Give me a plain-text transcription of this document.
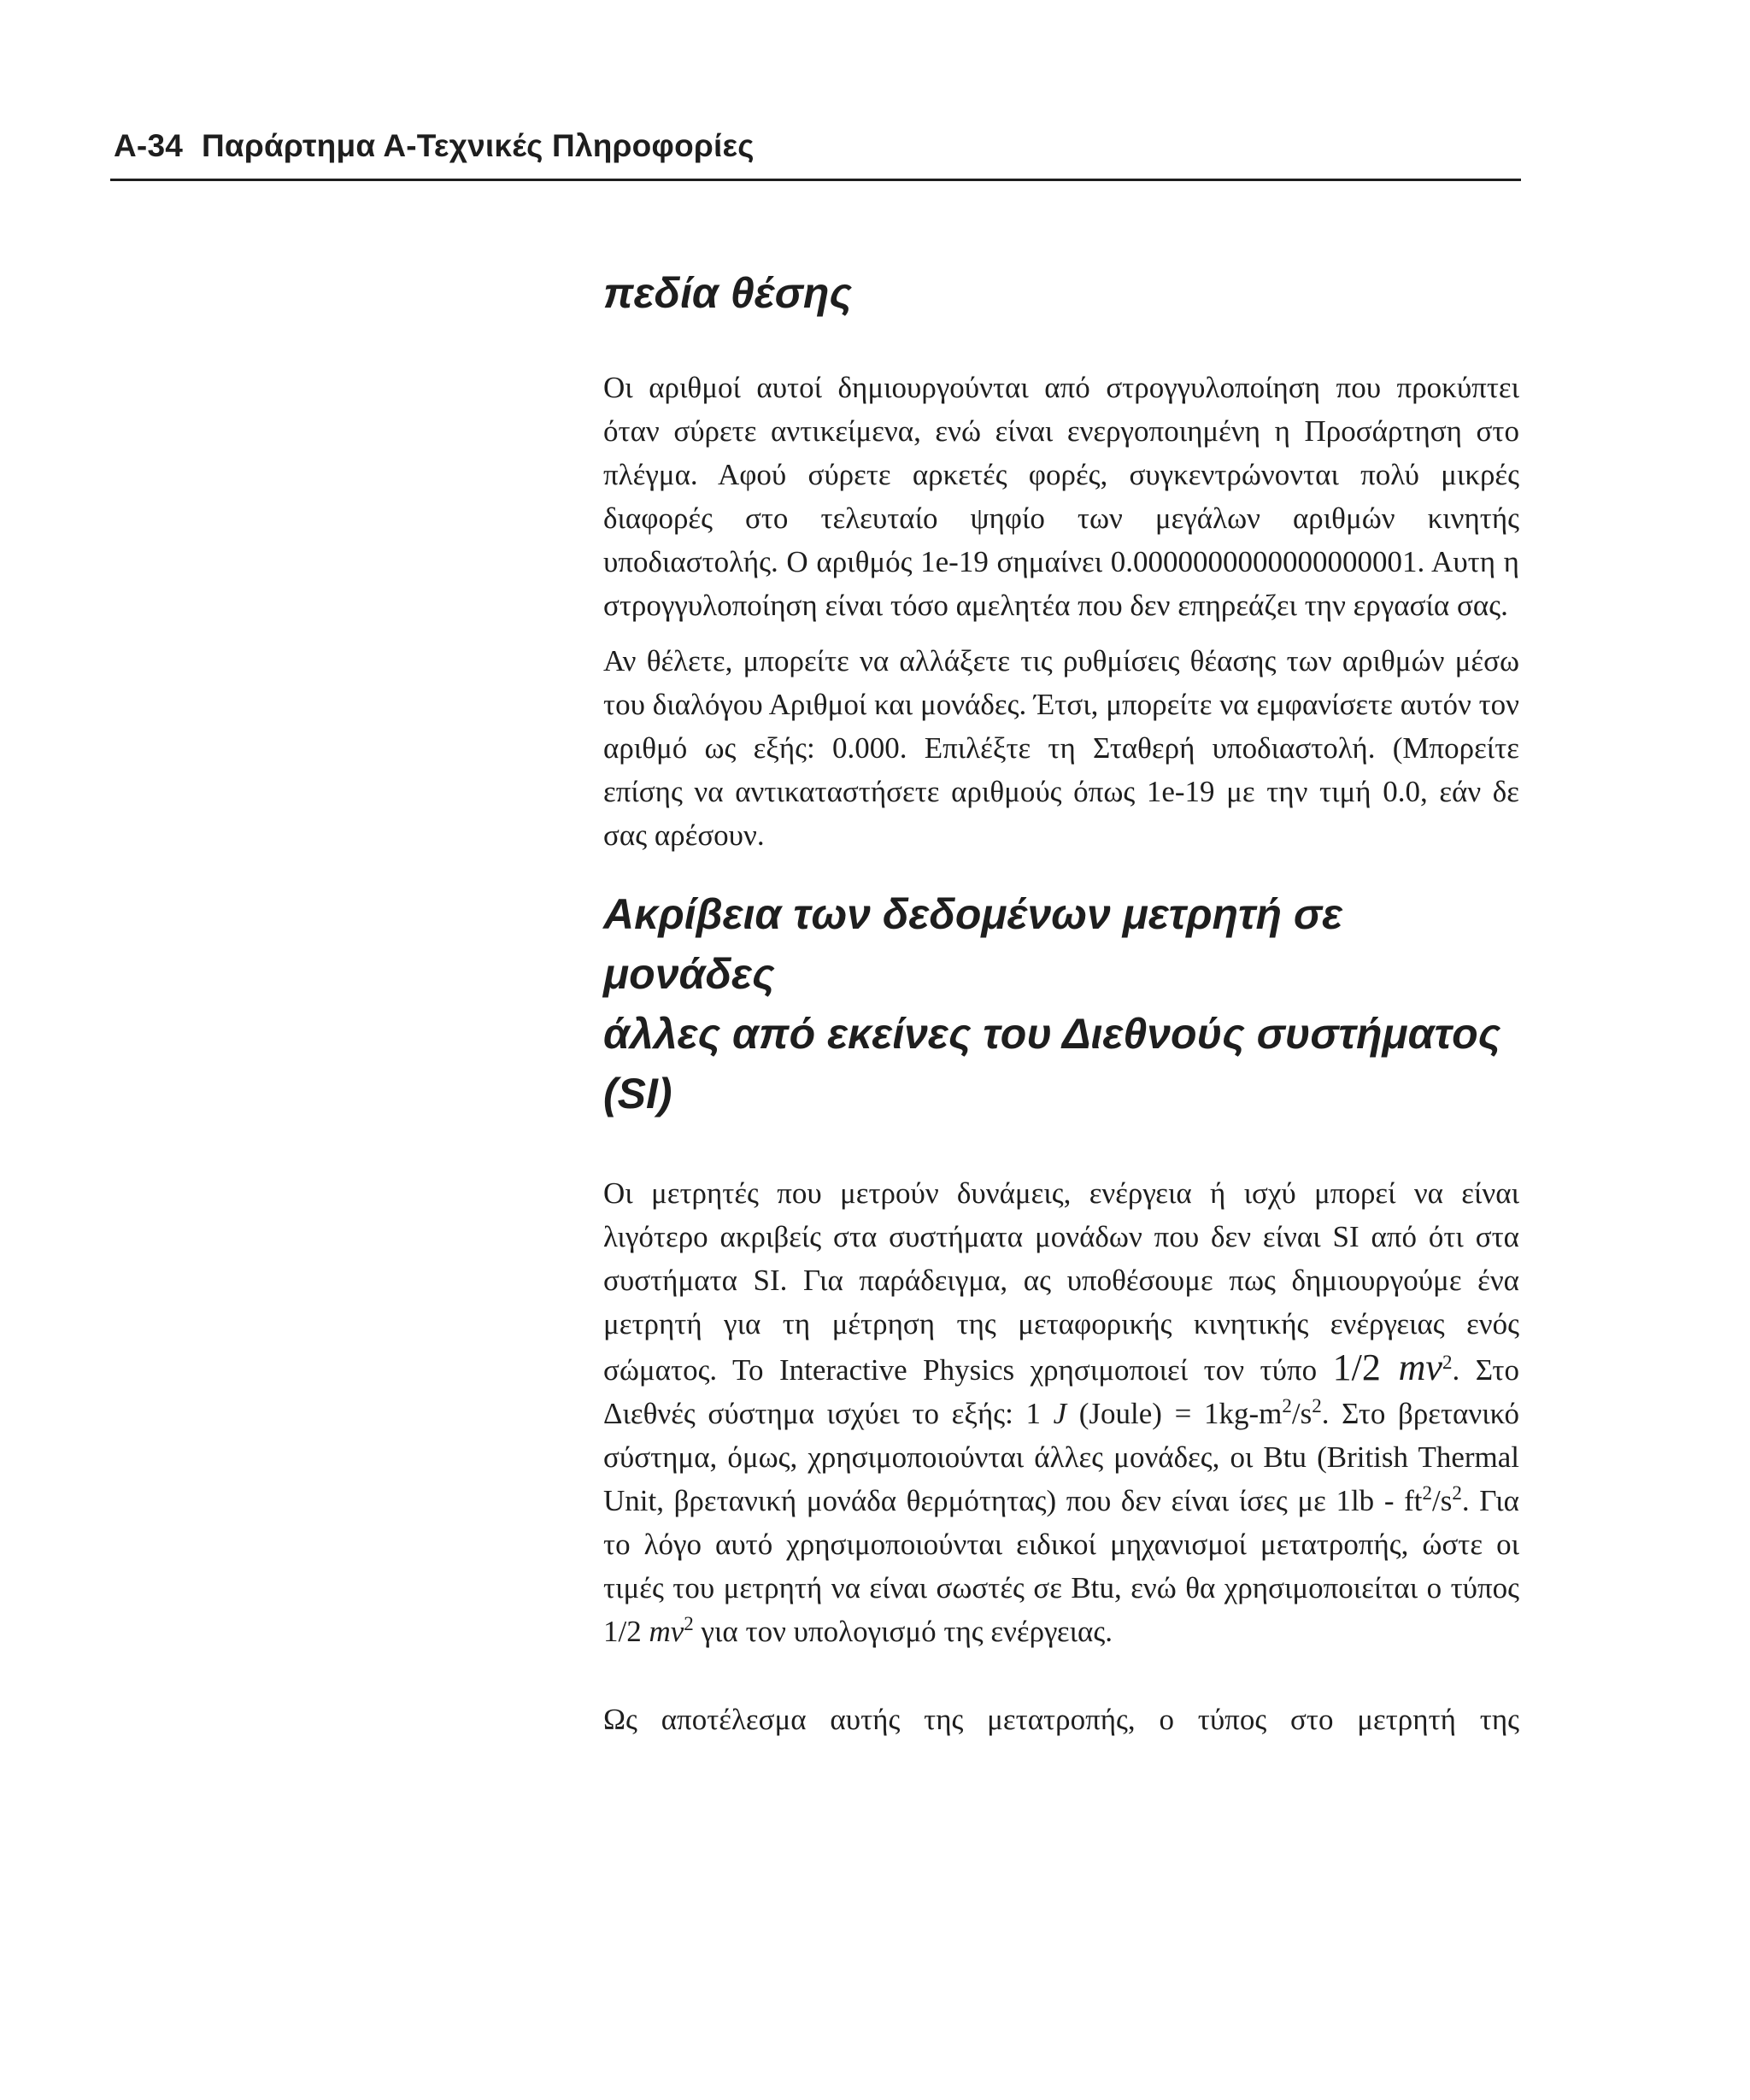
A-34 Παράρτημα Α-Τεχνικές Πληροφορίες
πεδία θέσης

Οι αριθμοί αυτοί δημιουργούνται από στρογγυλοποίηση που προκύπτει όταν σύρετε αντικείμενα, ενώ είναι ενεργοποιημένη η Προσάρτηση στο πλέγμα. Αφού σύρετε αρκετές φορές, συγκεντρώνονται πολύ μικρές διαφορές στο τελευταίο ψηφίο των μεγάλων αριθμών κινητής υποδιαστολής. Ο αριθμός 1e-19 σημαίνει 0.0000000000000000001. Αυτη η στρογγυλοποίηση είναι τόσο αμελητέα που δεν επηρεάζει την εργασία σας.

Αν θέλετε, μπορείτε να αλλάξετε τις ρυθμίσεις θέασης των αριθμών μέσω του διαλόγου Αριθμοί και μονάδες. Έτσι, μπορείτε να εμφανίσετε αυτόν τον αριθμό ως εξής: 0.000. Επιλέξτε τη Σταθερή υποδιαστολή. (Μπορείτε επίσης να αντικαταστήσετε αριθμούς όπως 1e-19 με την τιμή 0.0, εάν δε σας αρέσουν.

Ακρίβεια των δεδομένων μετρητή σε μονάδες
άλλες από εκείνες του Διεθνούς συστήματος
(SI)

Οι μετρητές που μετρούν δυνάμεις, ενέργεια ή ισχύ μπορεί να είναι λιγότερο ακριβείς στα συστήματα μονάδων που δεν είναι SI από ότι στα συστήματα SI. Για παράδειγμα, ας υποθέσουμε πως δημιουργούμε ένα μετρητή για τη μέτρηση της μεταφορικής κινητικής ενέργειας ενός σώματος. Το Interactive Physics χρησιμοποιεί τον τύπο 1/2 $mv^2$. Στο Διεθνές σύστημα ισχύει το εξής: 1 J (Joule) = $1kg-m^2/s^2$. Στο βρετανικό σύστημα, όμως, χρησιμοποιούνται άλλες μονάδες, οι Btu (British Thermal Unit, βρετανική μονάδα θερμότητας) που δεν είναι ίσες με $1lb - ft^2/s^2$. Για το λόγο αυτό χρησιμοποιούνται ειδικοί μηχανισμοί μετατροπής, ώστε οι τιμές του μετρητή να είναι σωστές σε Btu, ενώ θα χρησιμοποιείται ο τύπος 1/2 $mv^2$ για τον υπολογισμό της ενέργειας.

Ως αποτέλεσμα αυτής της μετατροπής, ο τύπος στο μετρητή της
